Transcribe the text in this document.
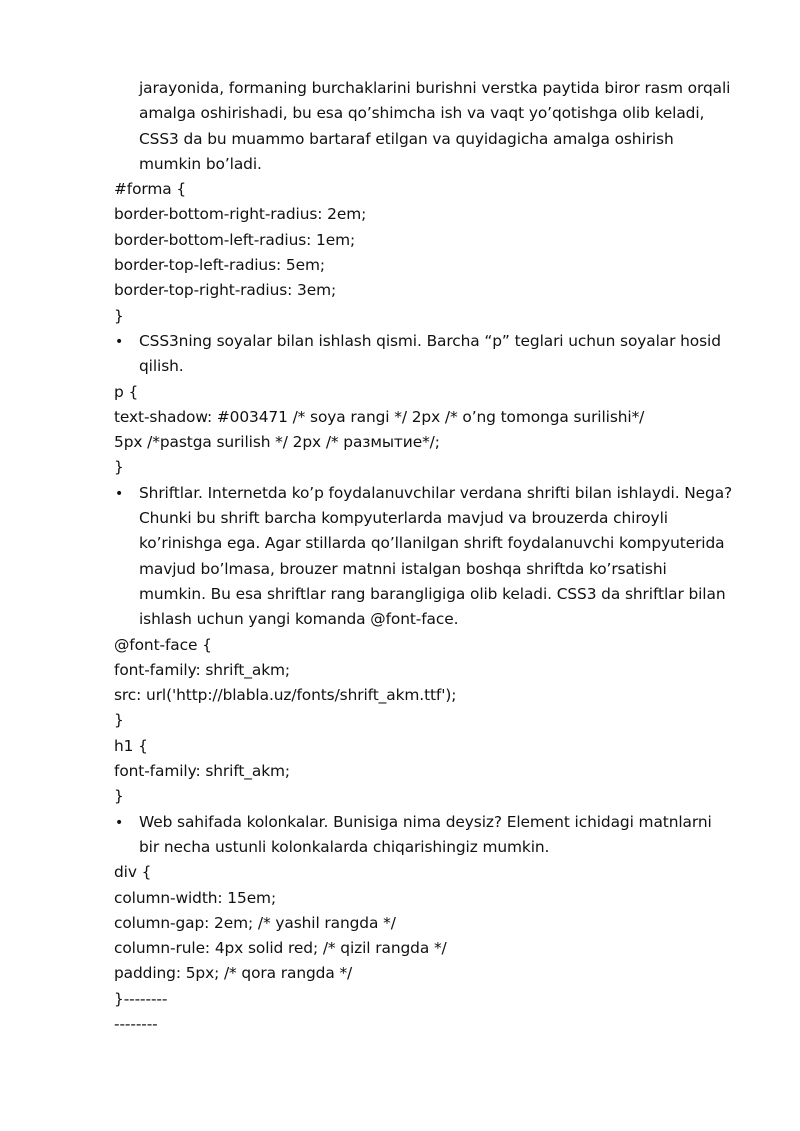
jarayonida, formaning burchaklarini burishni verstka paytida biror rasm orqali amalga oshirishadi, bu esa qo’shimcha ish va vaqt yo’qotishga olib keladi, CSS3 da bu muammo bartaraf etilgan va quyidagicha amalga oshirish mumkin bo’ladi.
#forma {
border-bottom-right-radius: 2em;
border-bottom-left-radius: 1em;
border-top-left-radius: 5em;
border-top-right-radius: 3em;
}
•
CSS3ning soyalar bilan ishlash qismi. Barcha “p” teglari uchun soyalar hosid qilish.
p {
text-shadow: #003471 /* soya rangi */ 2px /* o’ng tomonga surilishi*/
5px /*pastga surilish */ 2px /* размытие*/;
}
•
Shriftlar. Internetda ko’p foydalanuvchilar verdana shrifti bilan ishlaydi. Nega? Chunki bu shrift barcha kompyuterlarda mavjud va brouzerda chiroyli ko’rinishga ega. Agar stillarda qo’llanilgan shrift foydalanuvchi kompyuterida mavjud bo’lmasa, brouzer matnni istalgan boshqa shriftda ko’rsatishi mumkin. Bu esa shriftlar rang barangligiga olib keladi. CSS3 da shriftlar bilan ishlash uchun yangi komanda @font-face.
@font-face {
font-family: shrift_akm;
src: url('http://blabla.uz/fonts/shrift_akm.ttf');
}
h1 {
font-family: shrift_akm;
}
•
Web sahifada kolonkalar. Bunisiga nima deysiz? Element ichidagi matnlarni bir necha ustunli kolonkalarda chiqarishingiz mumkin.
div {
column-width: 15em;
column-gap: 2em; /* yashil rangda */
column-rule: 4px solid red; /* qizil rangda */
padding: 5px; /* qora rangda */
}--------
--------
